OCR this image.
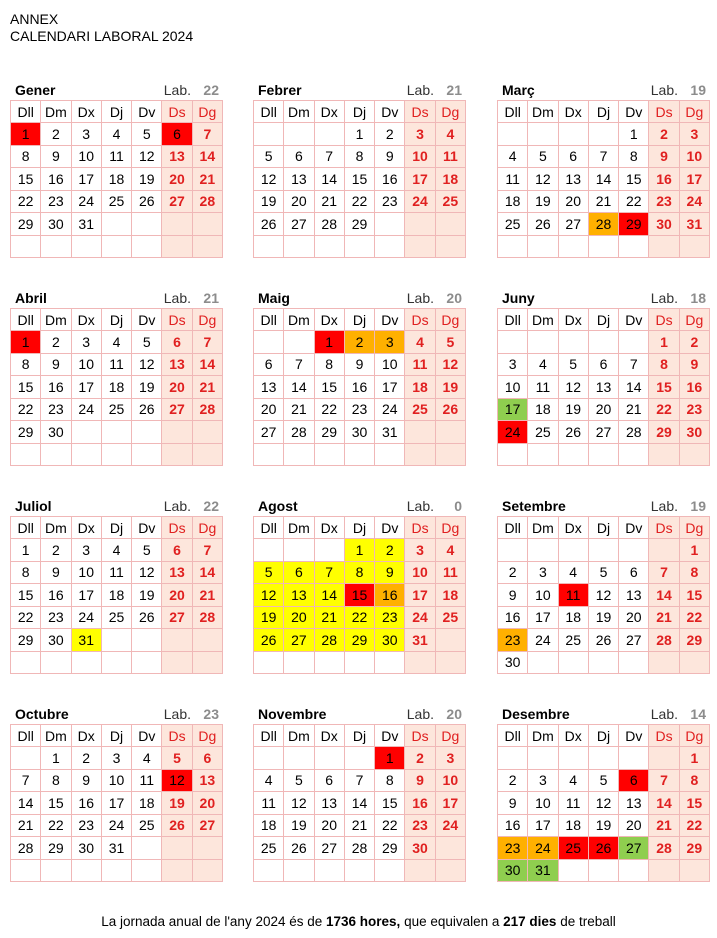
ANNEX
CALENDARI LABORAL 2024
Gener	Lab. 22
Dll	Dm	Dx	Dj	Dv	Ds	Dg
1	2	3	4	5	6	7
8	9	10	11	12	13	14
15	16	17	18	19	20	21
22	23	24	25	26	27	28
29	30	31				

Febrer	Lab. 21
Dll	Dm	Dx	Dj	Dv	Ds	Dg
			1	2	3	4
5	6	7	8	9	10	11
12	13	14	15	16	17	18
19	20	21	22	23	24	25
26	27	28	29			

Març	Lab. 19
Dll	Dm	Dx	Dj	Dv	Ds	Dg
				1	2	3
4	5	6	7	8	9	10
11	12	13	14	15	16	17
18	19	20	21	22	23	24
25	26	27	28	29	30	31

Abril	Lab. 21
Dll	Dm	Dx	Dj	Dv	Ds	Dg
1	2	3	4	5	6	7
8	9	10	11	12	13	14
15	16	17	18	19	20	21
22	23	24	25	26	27	28
29	30					

Maig	Lab. 20
Dll	Dm	Dx	Dj	Dv	Ds	Dg
		1	2	3	4	5
6	7	8	9	10	11	12
13	14	15	16	17	18	19
20	21	22	23	24	25	26
27	28	29	30	31		

Juny	Lab. 18
Dll	Dm	Dx	Dj	Dv	Ds	Dg
					1	2
3	4	5	6	7	8	9
10	11	12	13	14	15	16
17	18	19	20	21	22	23
24	25	26	27	28	29	30

Juliol	Lab. 22
Dll	Dm	Dx	Dj	Dv	Ds	Dg
1	2	3	4	5	6	7
8	9	10	11	12	13	14
15	16	17	18	19	20	21
22	23	24	25	26	27	28
29	30	31				

Agost	Lab. 0
Dll	Dm	Dx	Dj	Dv	Ds	Dg
			1	2	3	4
5	6	7	8	9	10	11
12	13	14	15	16	17	18
19	20	21	22	23	24	25
26	27	28	29	30	31	

Setembre	Lab. 19
Dll	Dm	Dx	Dj	Dv	Ds	Dg
						1
2	3	4	5	6	7	8
9	10	11	12	13	14	15
16	17	18	19	20	21	22
23	24	25	26	27	28	29
30						
Octubre	Lab. 23
Dll	Dm	Dx	Dj	Dv	Ds	Dg
	1	2	3	4	5	6
7	8	9	10	11	12	13
14	15	16	17	18	19	20
21	22	23	24	25	26	27
28	29	30	31			

Novembre	Lab. 20
Dll	Dm	Dx	Dj	Dv	Ds	Dg
				1	2	3
4	5	6	7	8	9	10
11	12	13	14	15	16	17
18	19	20	21	22	23	24
25	26	27	28	29	30	

Desembre	Lab. 14
Dll	Dm	Dx	Dj	Dv	Ds	Dg
						1
2	3	4	5	6	7	8
9	10	11	12	13	14	15
16	17	18	19	20	21	22
23	24	25	26	27	28	29
30	31					
La jornada anual de l'any 2024 és de 1736 hores, que equivalen a 217 dies de treball
